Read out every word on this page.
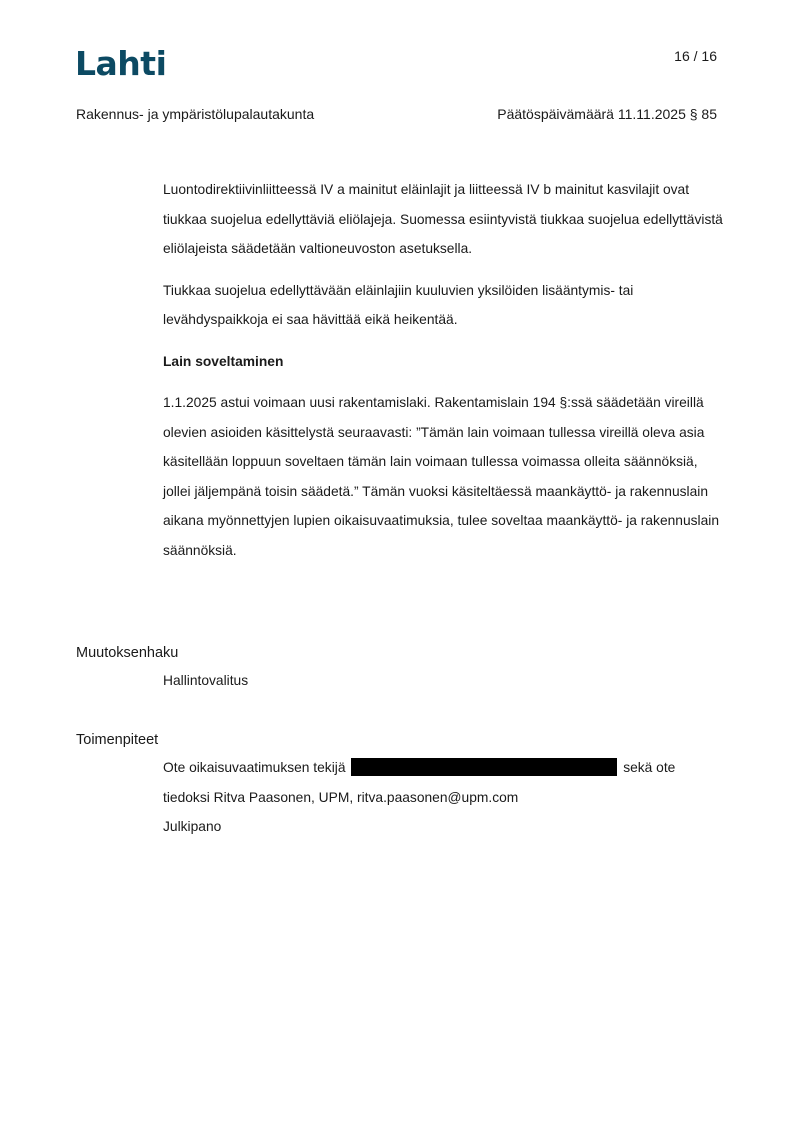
Lahti	16 / 16
Rakennus- ja ympäristölupalautakunta	Päätöspäivämäärä 11.11.2025 § 85

Luontodirektiivinliitteessä IV a mainitut eläinlajit ja liitteessä IV b mainitut kasvilajit ovat tiukkaa suojelua edellyttäviä eliölajeja. Suomessa esiintyvistä tiukkaa suojelua edellyttävistä eliölajeista säädetään valtioneuvoston asetuksella.

Tiukkaa suojelua edellyttävään eläinlajiin kuuluvien yksilöiden lisääntymis- tai levähdyspaikkoja ei saa hävittää eikä heikentää.

Lain soveltaminen

1.1.2025 astui voimaan uusi rakentamislaki. Rakentamislain 194 §:ssä säädetään vireillä olevien asioiden käsittelystä seuraavasti: ”Tämän lain voimaan tullessa vireillä oleva asia käsitellään loppuun soveltaen tämän lain voimaan tullessa voimassa olleita säännöksiä, jollei jäljempänä toisin säädetä.” Tämän vuoksi käsiteltäessä maankäyttö- ja rakennuslain aikana myönnettyjen lupien oikaisuvaatimuksia, tulee soveltaa maankäyttö- ja rakennuslain säännöksiä.

Muutoksenhaku
Hallintovalitus
Toimenpiteet
Ote oikaisuvaatimuksen tekijä	sekä ote
tiedoksi Ritva Paasonen, UPM, ritva.paasonen@upm.com
Julkipano
